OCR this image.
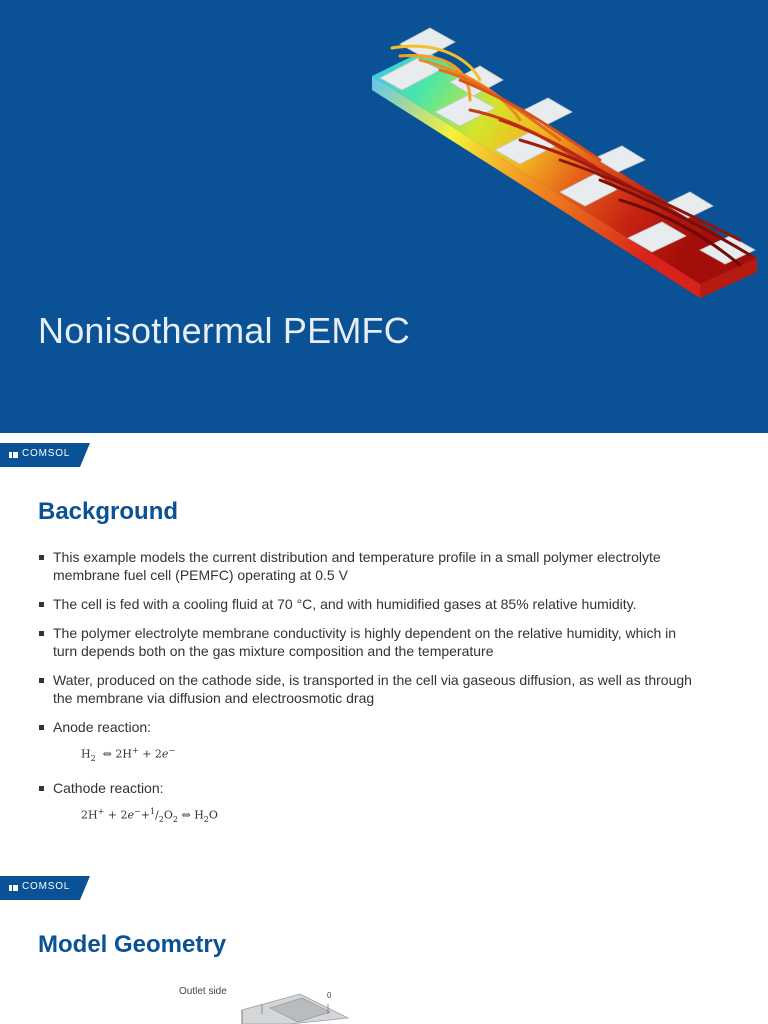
Nonisothermal PEMFC
COMSOL
Background
This example models the current distribution and temperature profile in a small polymer electrolyte membrane fuel cell (PEMFC) operating at 0.5 V
The cell is fed with a cooling fluid at 70 °C, and with humidified gases at 85% relative humidity.
The polymer electrolyte membrane conductivity is highly dependent on the relative humidity, which in turn depends both on the gas mixture composition and the temperature
Water, produced on the cathode side, is transported in the cell via gaseous diffusion, as well as through the membrane via diffusion and electroosmotic drag
Anode reaction:
$H_2$  ⇔ 2H+ + 2e−
Cathode reaction:
$2H^+ + 2e^-+^1/_2O_2$ ⇔ $H_2O$
COMSOL
Model Geometry
Outlet side	0
